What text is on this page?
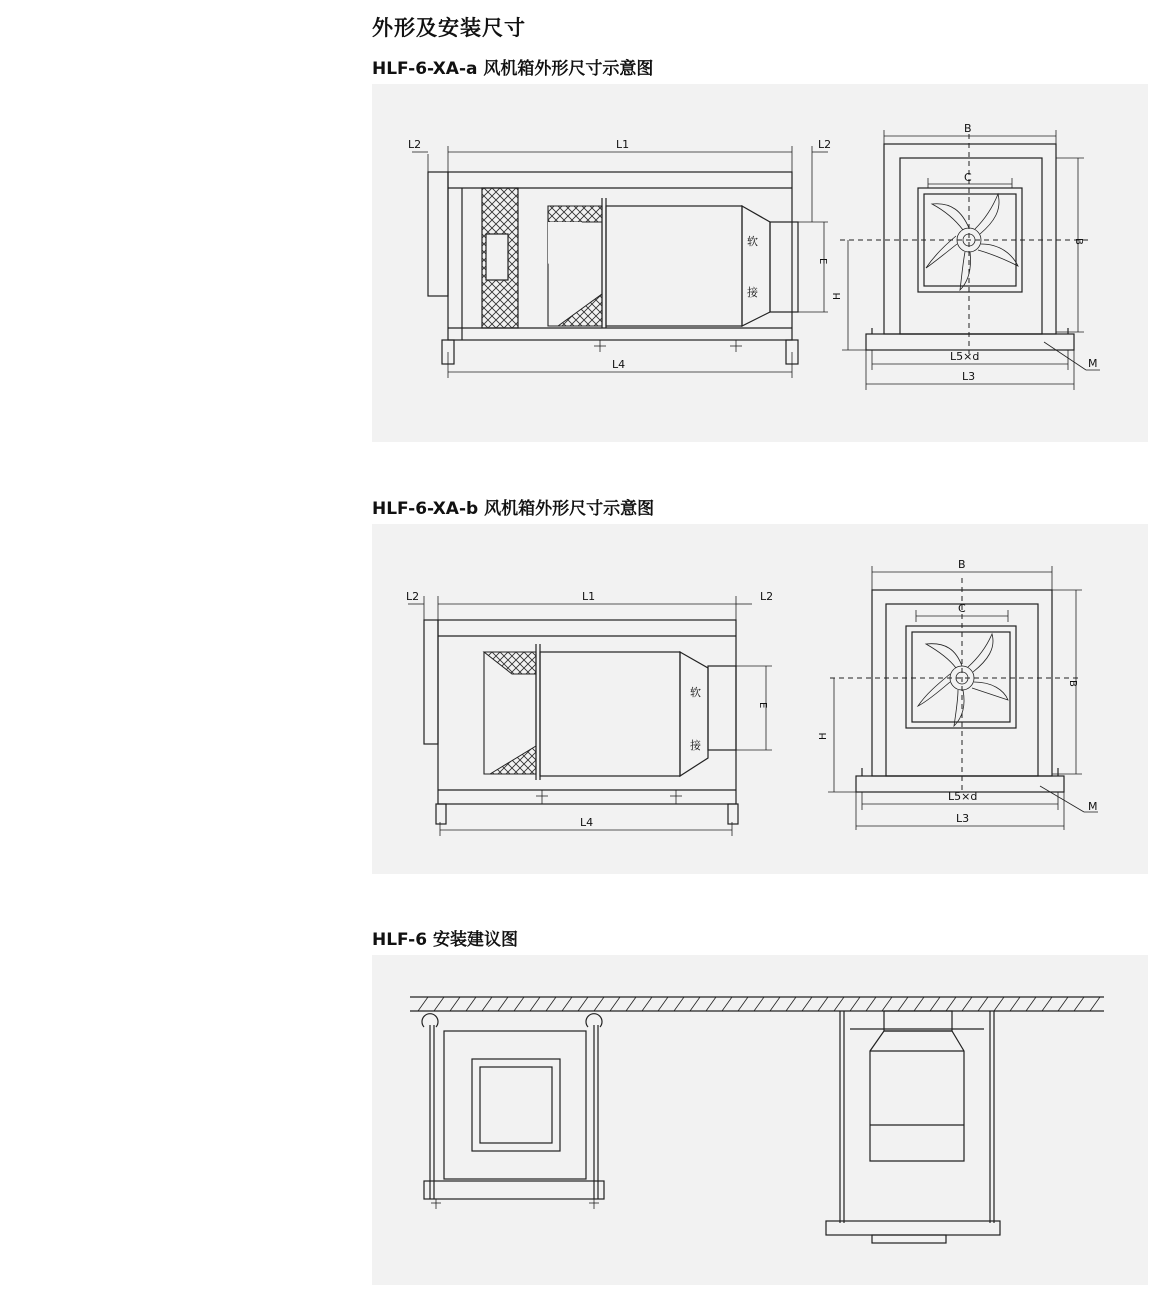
外形及安装尺寸
HLF-6-XA-a 风机箱外形尺寸示意图
软
接
L1
L2	L2
E
L4
B
C
B
H
L5×d
L3
M
HLF-6-XA-b 风机箱外形尺寸示意图
软
接
L1
L2	L2
E
L4
B
C
B
H
L5×d
L3
M
HLF-6 安装建议图
